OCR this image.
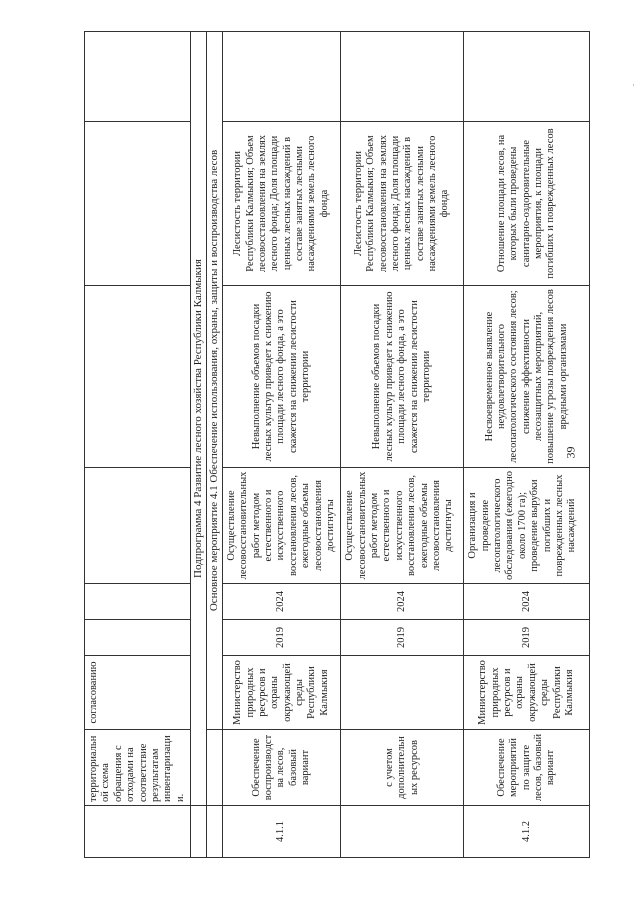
	территориальной схема обращения с отходами на соответствие результатам инвентаризации.	согласованию						
	Подпрограмма 4 Развитие лесного хозяйства Республики Калмыкия							
		Основное мероприятие 4.1 Обеспечение использования, охраны, защиты и воспроизводства лесов						
4.1.1	Обеспечение воспроизводства лесов, базовый вариант	Министерство природных ресурсов и охраны окружающей среды Республики Калмыкия	2019	2024	Осуществление лесовосстановительных работ методом естественного и искусственного восстановления лесов, ежегодные объемы лесовосстановления достигнуты	Невыполнение объемов посадки лесных культур приведет к снижению площади лесного фонда, а это скажется на снижении лесистости территории	Лесистость территории Республики Калмыкия; Объем лесовосстановления на землях лесного фонда; Доля площади ценных лесных насаждений в составе занятых лесными насаждениями земель лесного фонда	
	с учетом дополнительных ресурсов		2019	2024	Осуществление лесовосстановительных работ методом естественного и искусственного восстановления лесов, ежегодные объемы лесовосстановления достигнуты	Невыполнение объемов посадки лесных культур приведет к снижению площади лесного фонда, а это скажется на снижении лесистости территории	Лесистость территории Республики Калмыкия; Объем лесовосстановления на землях лесного фонда; Доля площади ценных лесных насаждений в составе занятых лесными насаждениями земель лесного фонда	
4.1.2	Обеспечение мероприятий по защите лесов, базовый вариант	Министерство природных ресурсов и охраны окружающей среды Республики Калмыкия	2019	2024	Организация и проведение лесопатологического обследования (ежегодно около 1700 га); проведение вырубки погибших и поврежденных лесных насаждений	Несвоевременное выявление неудовлетворительного лесопатологического состояния лесов; снижение эффективности лесозащитных мероприятий, повышение угрозы повреждения лесов вредными организмами	Отношение площади лесов, на которых были проведены санитарно-оздоровительные мероприятия, к площади погибших и поврежденных лесов	
39
·
